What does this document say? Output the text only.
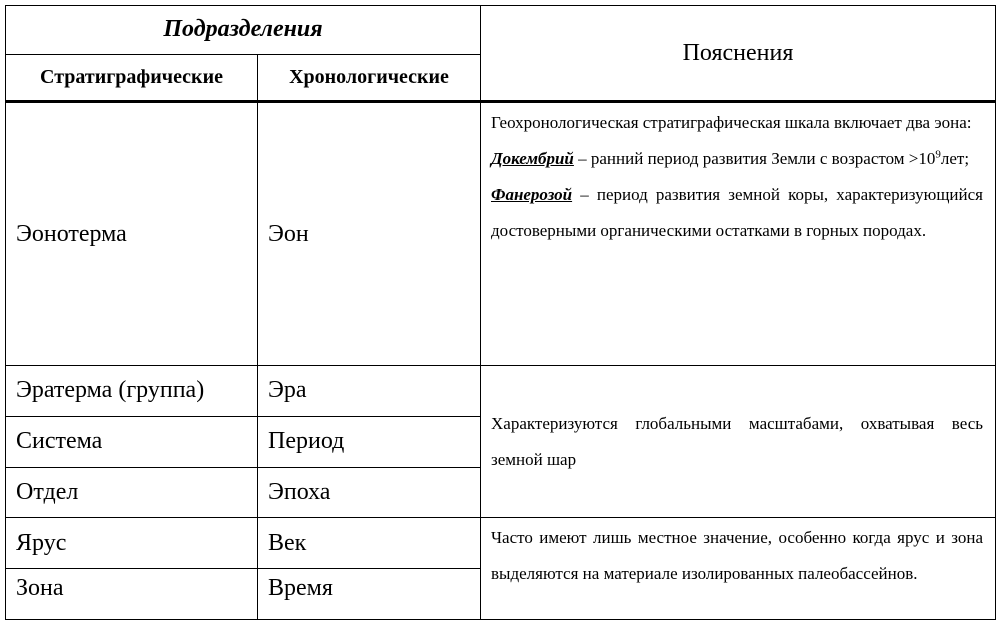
Подразделения		Пояснения
Стратиграфические	Хронологические	
Эонотерма	Эон	Геохронологическая стратиграфическая шкала включает два эона:
Докембрий – ранний период развития Земли с возрастом $>10^9лет$;
Фанерозой – период развития земной коры, характеризующийся достоверными органическими остатками в горных породах.
Эратерма (группа)	Эра	Характеризуются глобальными масштабами, охватывая весь земной шар
Система	Период	
Отдел	Эпоха	
Ярус	Век	Часто имеют лишь местное значение, особенно когда ярус и зона выделяются на материале изолированных палеобассейнов.
Зона	Время	
